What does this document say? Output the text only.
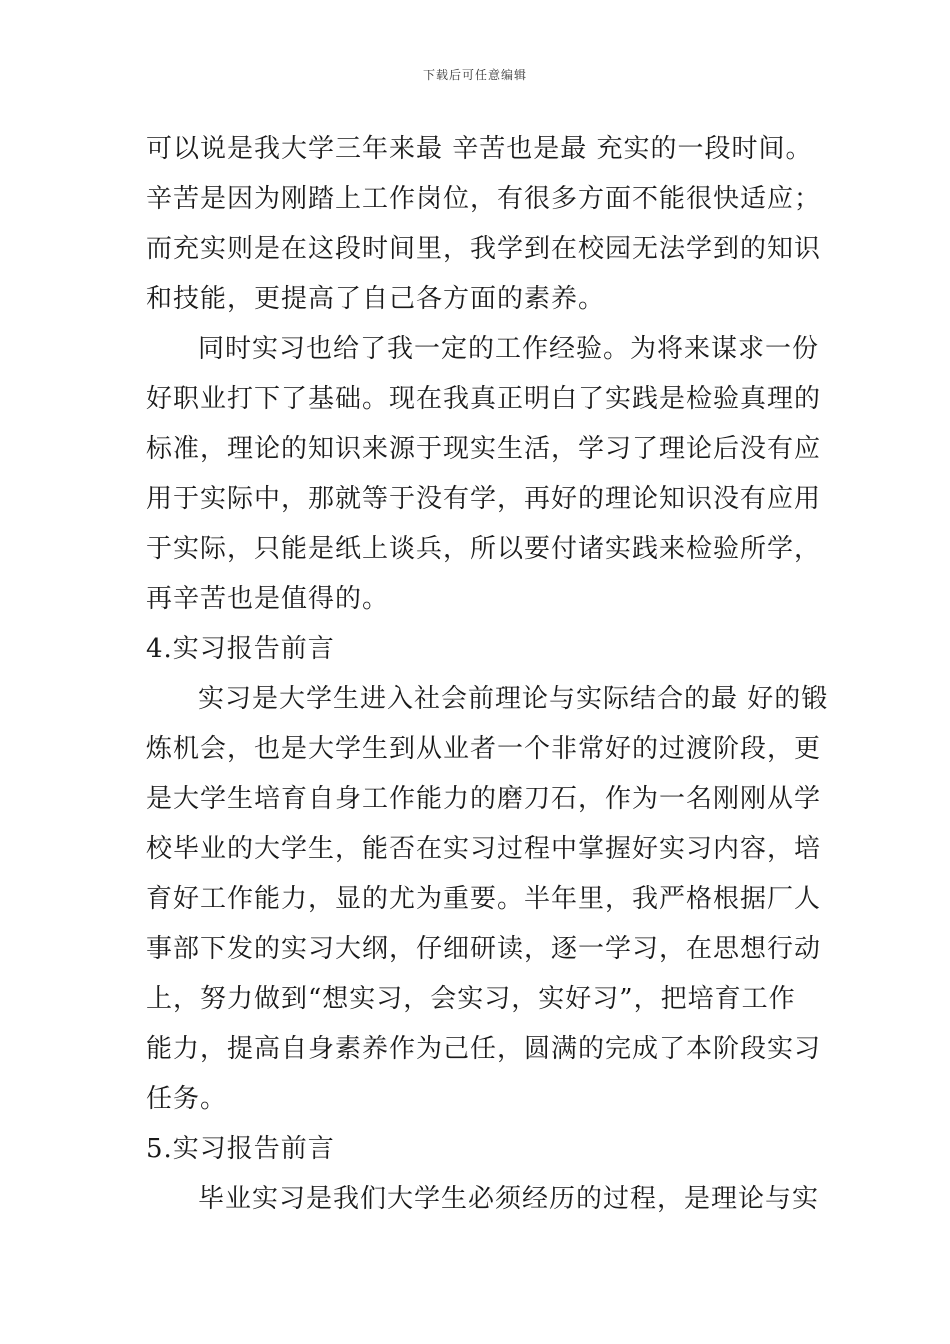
下载后可任意编辑
可以说是我大学三年来最 辛苦也是最 充实的一段时间。
辛苦是因为刚踏上工作岗位，有很多方面不能很快适应；
而充实则是在这段时间里，我学到在校园无法学到的知识
和技能，更提高了自己各方面的素养。
同时实习也给了我一定的工作经验。为将来谋求一份
好职业打下了基础。现在我真正明白了实践是检验真理的
标准，理论的知识来源于现实生活，学习了理论后没有应
用于实际中，那就等于没有学，再好的理论知识没有应用
于实际，只能是纸上谈兵，所以要付诸实践来检验所学，
再辛苦也是值得的。
4.实习报告前言
实习是大学生进入社会前理论与实际结合的最 好的锻
炼机会，也是大学生到从业者一个非常好的过渡阶段，更
是大学生培育自身工作能力的磨刀石，作为一名刚刚从学
校毕业的大学生，能否在实习过程中掌握好实习内容，培
育好工作能力，显的尤为重要。半年里，我严格根据厂人
事部下发的实习大纲，仔细研读，逐一学习，在思想行动
上，努力做到“想实习，会实习，实好习”，把培育工作
能力，提高自身素养作为己任，圆满的完成了本阶段实习
任务。
5.实习报告前言
毕业实习是我们大学生必须经历的过程，是理论与实
